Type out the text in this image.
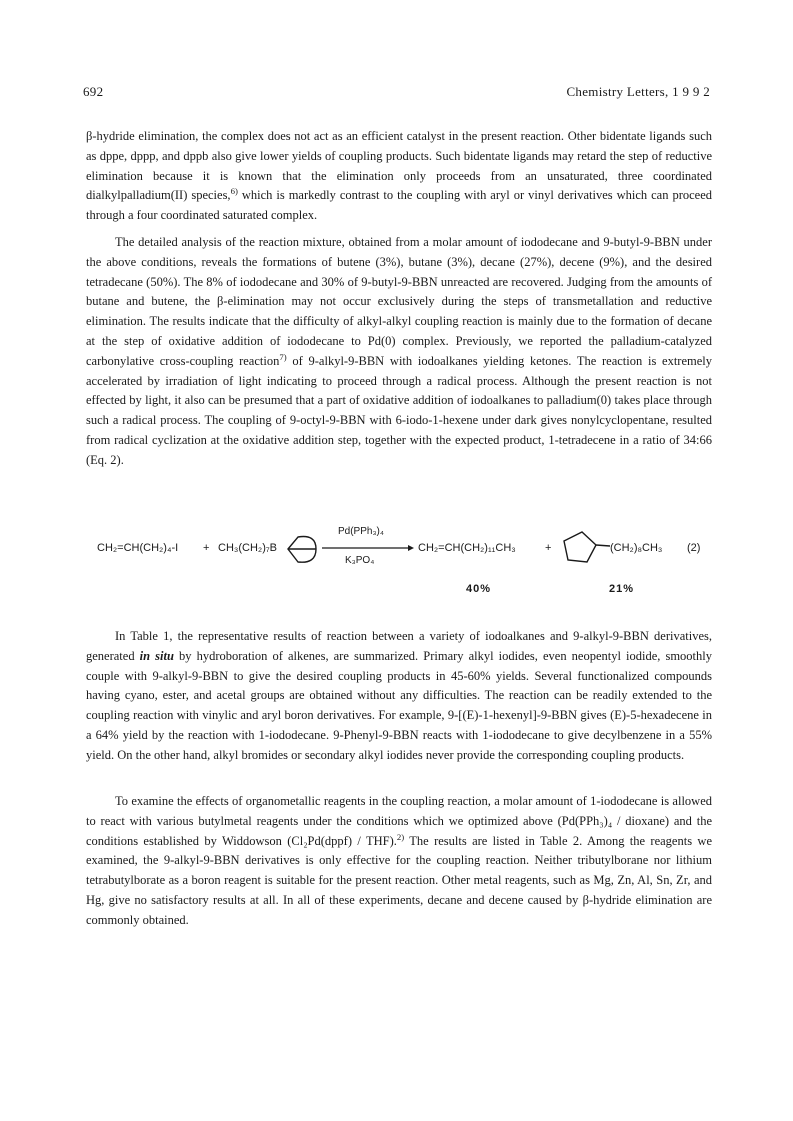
692	Chemistry Letters, 1 9 9 2

β-hydride elimination, the complex does not act as an efficient catalyst in the present reaction. Other bidentate ligands such as dppe, dppp, and dppb also give lower yields of coupling products. Such bidentate ligands may retard the step of reductive elimination because it is known that the elimination only proceeds from an unsaturated, three coordinated dialkylpalladium(II) species,$^{6)}$ which is markedly contrast to the coupling with aryl or vinyl derivatives which can proceed through a four coordinated saturated complex.

The detailed analysis of the reaction mixture, obtained from a molar amount of iododecane and 9-butyl-9-BBN under the above conditions, reveals the formations of butene (3%), butane (3%), decane (27%), decene (9%), and the desired tetradecane (50%). The 8% of iododecane and 30% of 9-butyl-9-BBN unreacted are recovered. Judging from the amounts of butane and butene, the β-elimination may not occur exclusively during the steps of transmetallation and reductive elimination. The results indicate that the difficulty of alkyl-alkyl coupling reaction is mainly due to the formation of decane at the step of oxidative addition of iododecane to Pd(0) complex. Previously, we reported the palladium-catalyzed carbonylative cross-coupling reaction$^{7)}$ of 9-alkyl-9-BBN with iodoalkanes yielding ketones. The reaction is extremely accelerated by irradiation of light indicating to proceed through a radical process. Although the present reaction is not effected by light, it also can be presumed that a part of oxidative addition of iodoalkanes to palladium(0) takes place through such a radical process. The coupling of 9-octyl-9-BBN with 6-iodo-1-hexene under dark gives nonylcyclopentane, resulted from radical cyclization at the oxidative addition step, together with the expected product, 1-tetradecene in a ratio of 34:66 (Eq. 2).

CH₂=CH(CH₂)₄-I + CH₃(CH₂)₇B
Pd(PPh₃)₄
K₃PO₄
CH₂=CH(CH₂)₁₁CH₃	+	(CH₂)₈CH₃ (2)
40%	21%

In Table 1, the representative results of reaction between a variety of iodoalkanes and 9-alkyl-9-BBN derivatives, generated in situ by hydroboration of alkenes, are summarized. Primary alkyl iodides, even neopentyl iodide, smoothly couple with 9-alkyl-9-BBN to give the desired coupling products in 45-60% yields. Several functionalized compounds having cyano, ester, and acetal groups are obtained without any difficulties. The reaction can be readily extended to the coupling reaction with vinylic and aryl boron derivatives. For example, 9-[(E)-1-hexenyl]-9-BBN gives (E)-5-hexadecene in a 64% yield by the reaction with 1-iododecane. 9-Phenyl-9-BBN reacts with 1-iododecane to give decylbenzene in a 55% yield. On the other hand, alkyl bromides or secondary alkyl iodides never provide the corresponding coupling products.

To examine the effects of organometallic reagents in the coupling reaction, a molar amount of 1-iododecane is allowed to react with various butylmetal reagents under the conditions which we optimized above (Pd(PPh₃)₄ / dioxane) and the conditions established by Widdowson (Cl₂Pd(dppf) / THF).$^{2)}$ The results are listed in Table 2. Among the reagents we examined, the 9-alkyl-9-BBN derivatives is only effective for the coupling reaction. Neither tributylborane nor lithium tetrabutylborate as a boron reagent is suitable for the present reaction. Other metal reagents, such as Mg, Zn, Al, Sn, Zr, and Hg, give no satisfactory results at all. In all of these experiments, decane and decene caused by β-hydride elimination are commonly obtained.
